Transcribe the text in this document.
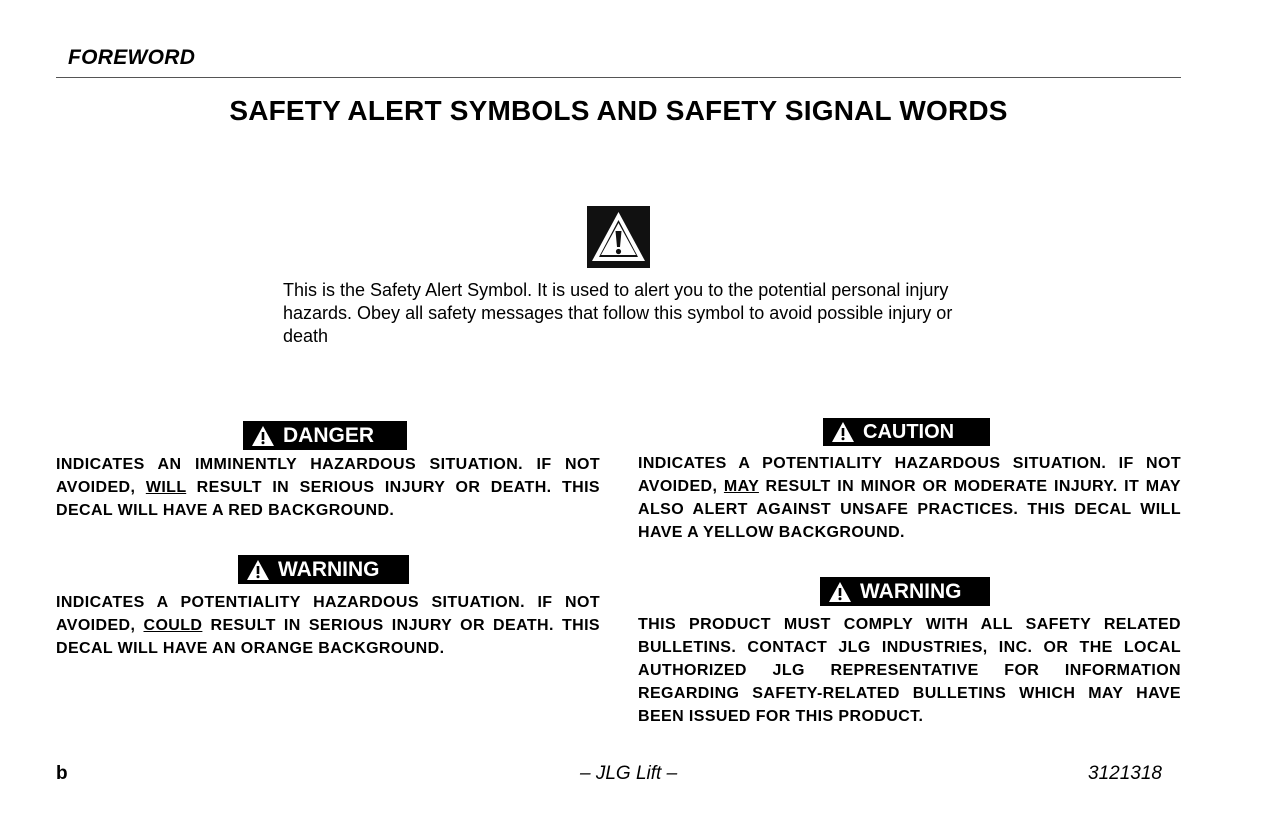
FOREWORD
SAFETY ALERT SYMBOLS AND SAFETY SIGNAL WORDS
This is the Safety Alert Symbol. It is used to alert you to the potential personal injury hazards. Obey all safety messages that follow this symbol to avoid possible injury or death
DANGER
INDICATES AN IMMINENTLY HAZARDOUS SITUATION. IF NOT AVOIDED, WILL RESULT IN SERIOUS INJURY OR DEATH. THIS DECAL WILL HAVE A RED BACKGROUND.
WARNING
INDICATES A POTENTIALITY HAZARDOUS SITUATION. IF NOT AVOIDED, COULD RESULT IN SERIOUS INJURY OR DEATH. THIS DECAL WILL HAVE AN ORANGE BACKGROUND.
CAUTION
INDICATES A POTENTIALITY HAZARDOUS SITUATION. IF NOT AVOIDED, MAY RESULT IN MINOR OR MODERATE INJURY. IT MAY ALSO ALERT AGAINST UNSAFE PRACTICES. THIS DECAL WILL HAVE A YELLOW BACKGROUND.
WARNING
THIS PRODUCT MUST COMPLY WITH ALL SAFETY RELATED BULLETINS. CONTACT JLG INDUSTRIES, INC. OR THE LOCAL AUTHORIZED JLG REPRESENTATIVE FOR INFORMATION REGARDING SAFETY-RELATED BULLETINS WHICH MAY HAVE BEEN ISSUED FOR THIS PRODUCT.
b	– JLG Lift –	3121318
